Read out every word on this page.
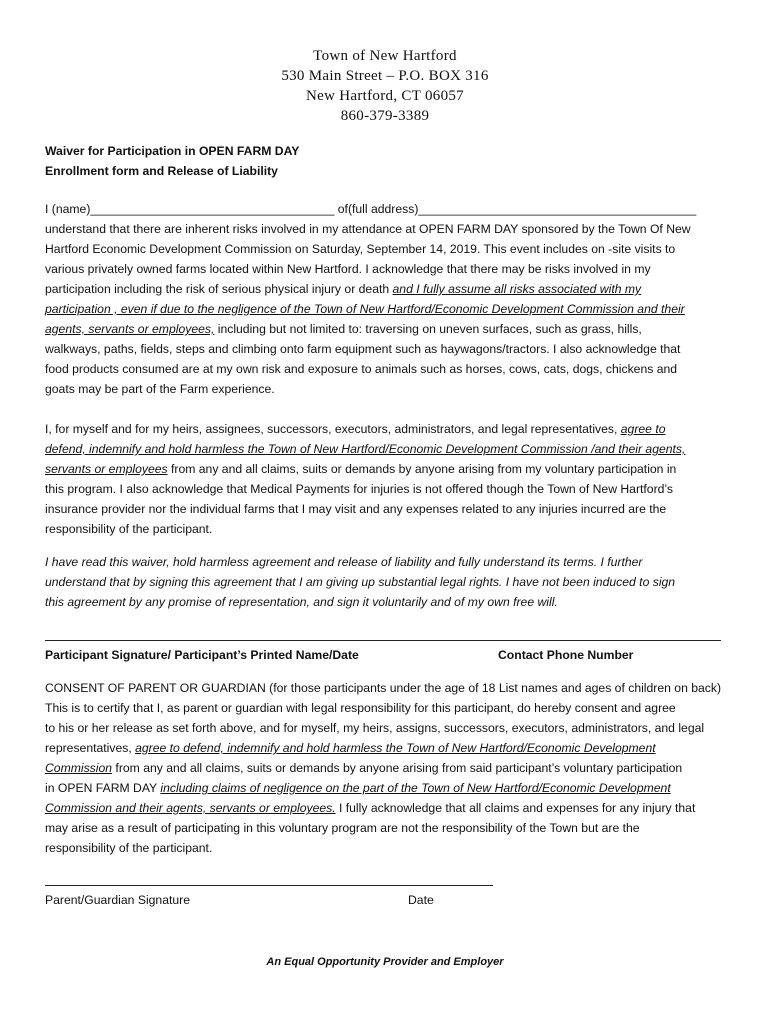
Town of New Hartford
530 Main Street – P.O. BOX 316
New Hartford, CT 06057
860-379-3389
Waiver for Participation in OPEN FARM DAY
Enrollment form and Release of Liability
I (name)____________________________________ of(full address)_________________________________________
understand that there are inherent risks involved in my attendance at OPEN FARM DAY sponsored by the Town Of New
Hartford Economic Development Commission on Saturday, September 14, 2019. This event includes on -site visits to
various privately owned farms located within New Hartford. I acknowledge that there may be risks involved in my
participation including the risk of serious physical injury or death and I fully assume all risks associated with my
participation , even if due to the negligence of the Town of New Hartford/Economic Development Commission and their
agents, servants or employees, including but not limited to: traversing on uneven surfaces, such as grass, hills,
walkways, paths, fields, steps and climbing onto farm equipment such as haywagons/tractors. I also acknowledge that
food products consumed are at my own risk and exposure to animals such as horses, cows, cats, dogs, chickens and
goats may be part of the Farm experience.
I, for myself and for my heirs, assignees, successors, executors, administrators, and legal representatives, agree to
defend, indemnify and hold harmless the Town of New Hartford/Economic Development Commission /and their agents,
servants or employees from any and all claims, suits or demands by anyone arising from my voluntary participation in
this program. I also acknowledge that Medical Payments for injuries is not offered though the Town of New Hartford’s
insurance provider nor the individual farms that I may visit and any expenses related to any injuries incurred are the
responsibility of the participant.
I have read this waiver, hold harmless agreement and release of liability and fully understand its terms. I further
understand that by signing this agreement that I am giving up substantial legal rights. I have not been induced to sign
this agreement by any promise of representation, and sign it voluntarily and of my own free will.
Participant Signature/ Participant’s Printed Name/Date	Contact Phone Number
CONSENT OF PARENT OR GUARDIAN (for those participants under the age of 18 List names and ages of children on back)
This is to certify that I, as parent or guardian with legal responsibility for this participant, do hereby consent and agree
to his or her release as set forth above, and for myself, my heirs, assigns, successors, executors, administrators, and legal
representatives, agree to defend, indemnify and hold harmless the Town of New Hartford/Economic Development
Commission from any and all claims, suits or demands by anyone arising from said participant’s voluntary participation
in OPEN FARM DAY including claims of negligence on the part of the Town of New Hartford/Economic Development
Commission and their agents, servants or employees. I fully acknowledge that all claims and expenses for any injury that
may arise as a result of participating in this voluntary program are not the responsibility of the Town but are the
responsibility of the participant.
Parent/Guardian Signature	Date
An Equal Opportunity Provider and Employer
